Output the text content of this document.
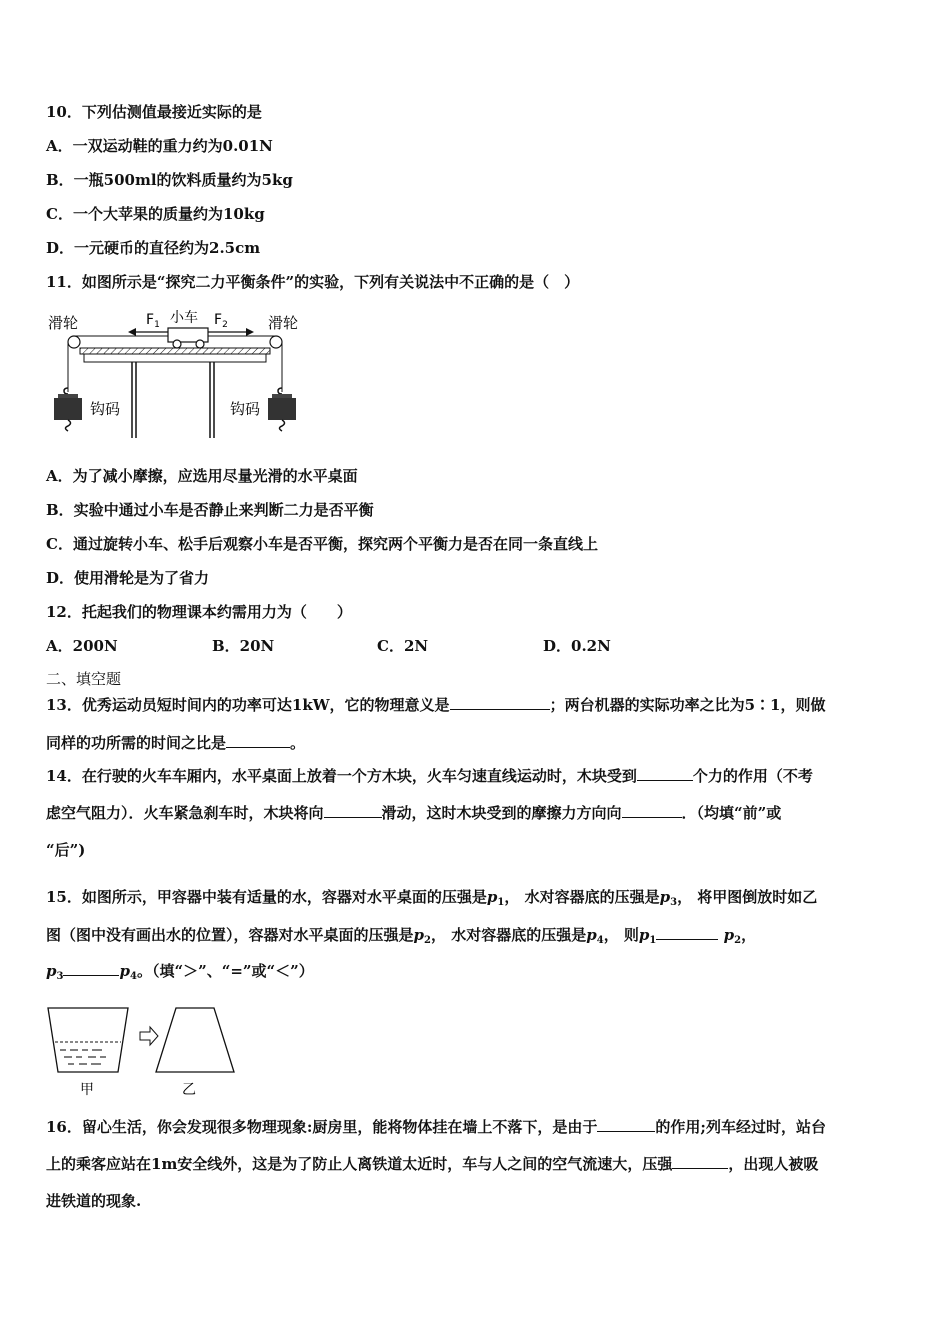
10．下列估测值最接近实际的是
A．一双运动鞋的重力约为0.01N
B．一瓶500ml的饮料质量约为5kg
C．一个大苹果的质量约为10kg
D．一元硬币的直径约为2.5cm
11．如图所示是“探究二力平衡条件”的实验，下列有关说法中不正确的是（　）
滑轮	滑轮
$F_1$ 小车 $F_2$
钩码	钩码
A．为了减小摩擦，应选用尽量光滑的水平桌面
B．实验中通过小车是否静止来判断二力是否平衡
C．通过旋转小车、松手后观察小车是否平衡，探究两个平衡力是否在同一条直线上
D．使用滑轮是为了省力
12．托起我们的物理课本约需用力为（　　）
A．200N	B．20N	C．2N	D．0.2N
二、填空题
13．优秀运动员短时间内的功率可达1kW，它的物理意义是	；两台机器的实际功率之比为5∶1，则做
同样的功所需的时间之比是	。
14．在行驶的火车车厢内，水平桌面上放着一个方木块，火车匀速直线运动时，木块受到	个力的作用（不考
虑空气阻力）．火车紧急刹车时，木块将向	滑动，这时木块受到的摩擦力方向向	．（均填“前”或
“后”)
15．如图所示，甲容器中装有适量的水，容器对水平桌面的压强是$p_1$， 水对容器底的压强是$p_3$， 将甲图倒放时如乙
图（图中没有画出水的位置），容器对水平桌面的压强是$p_2$， 水对容器底的压强是$p_4$， 则$p_1$	$p_2$，
$p_3$	$p_4$。（填“＞”、“=”或“＜”）
甲	乙
16．留心生活，你会发现很多物理现象:厨房里，能将物体挂在墙上不落下，是由于	的作用;列车经过时，站台
上的乘客应站在1m安全线外，这是为了防止人离铁道太近时，车与人之间的空气流速大，压强	，出现人被吸
进铁道的现象.
